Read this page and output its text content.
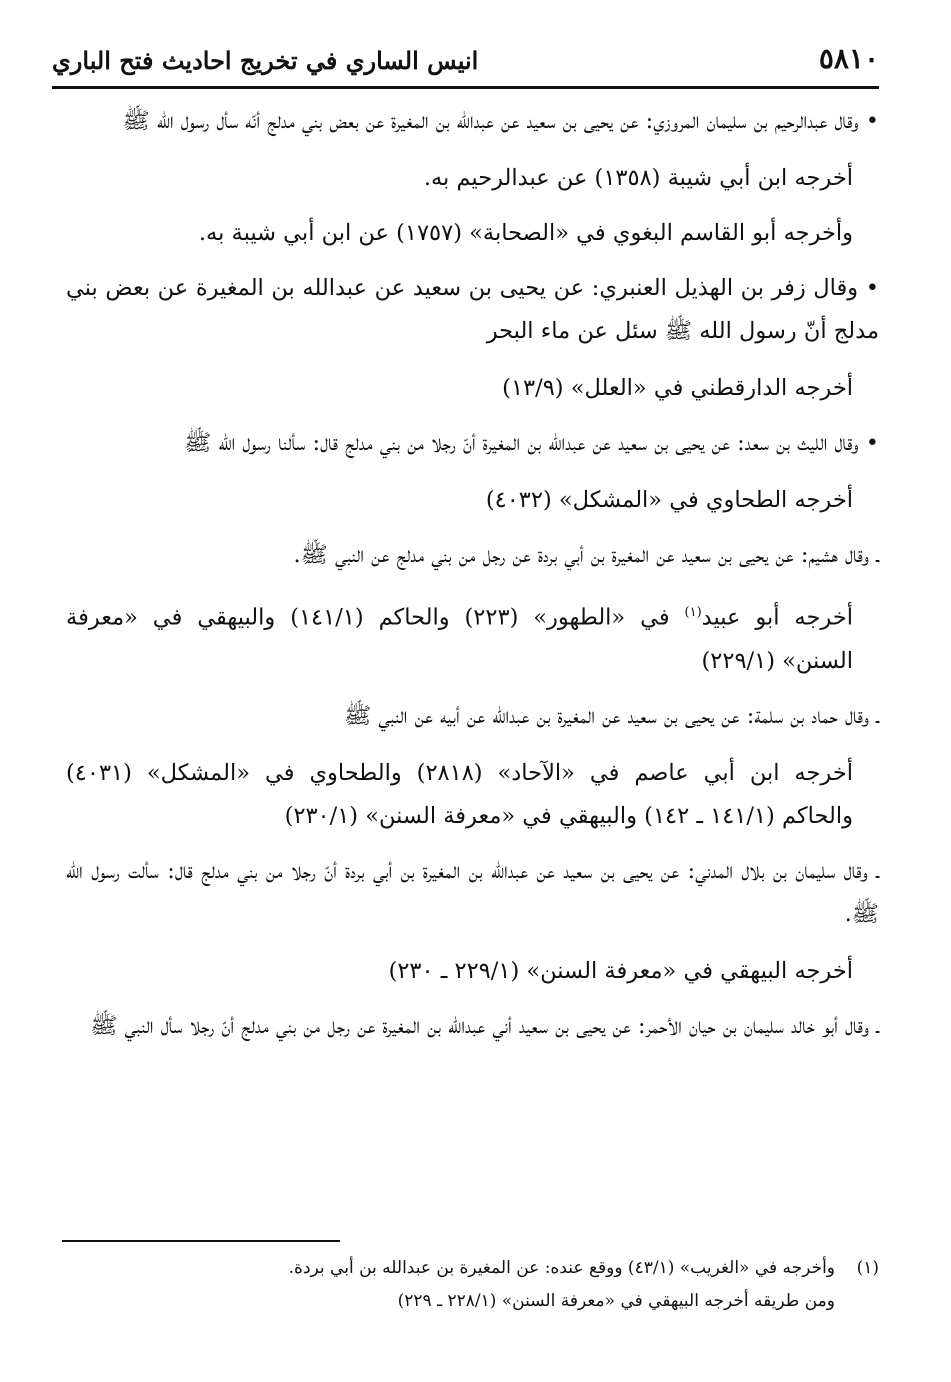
٥٨١٠
انيس الساري في تخريج احاديث فتح الباري

• وقال عبدالرحيم بن سليمان المروزي: عن يحيى بن سعيد عن عبدالله بن المغيرة عن بعض بني مدلج أنّه سأل رسول الله ﷺ

أخرجه ابن أبي شيبة (١٣٥٨) عن عبدالرحيم به.

وأخرجه أبو القاسم البغوي في «الصحابة» (١٧٥٧) عن ابن أبي شيبة به.

• وقال زفر بن الهذيل العنبري: عن يحيى بن سعيد عن عبدالله بن المغيرة عن بعض بني مدلج أنّ رسول الله ﷺ سئل عن ماء البحر

أخرجه الدارقطني في «العلل» (١٣/٩)

• وقال الليث بن سعد: عن يحيى بن سعيد عن عبدالله بن المغيرة أنّ رجلا من بني مدلج قال: سألنا رسول الله ﷺ

أخرجه الطحاوي في «المشكل» (٤٠٣٢)

ـ وقال هشيم: عن يحيى بن سعيد عن المغيرة بن أبي بردة عن رجل من بني مدلج عن النبي ﷺ.

أخرجه أبو عبيد$^{(١)}$ في «الطهور» (٢٢٣) والحاكم (١٤١/١) والبيهقي في «معرفة السنن» (٢٢٩/١)

ـ وقال حماد بن سلمة: عن يحيى بن سعيد عن المغيرة بن عبدالله عن أبيه عن النبي ﷺ

أخرجه ابن أبي عاصم في «الآحاد» (٢٨١٨) والطحاوي في «المشكل» (٤٠٣١) والحاكم (١٤١/١ ـ ١٤٢) والبيهقي في «معرفة السنن» (٢٣٠/١)

ـ وقال سليمان بن بلال المدني: عن يحيى بن سعيد عن عبدالله بن المغيرة بن أبي بردة أنّ رجلا من بني مدلج قال: سألت رسول الله ﷺ.

أخرجه البيهقي في «معرفة السنن» (٢٢٩/١ ـ ٢٣٠)

ـ وقال أبو خالد سليمان بن حيان الأحمر: عن يحيى بن سعيد أني عبدالله بن المغيرة عن رجل من بني مدلج أنّ رجلا سأل النبي ﷺ

(١)وأخرجه في «الغريب» (٤٣/١) ووقع عنده: عن المغيرة بن عبدالله بن أبي بردة.

ومن طريقه أخرجه البيهقي في «معرفة السنن» (٢٢٨/١ ـ ٢٢٩)
